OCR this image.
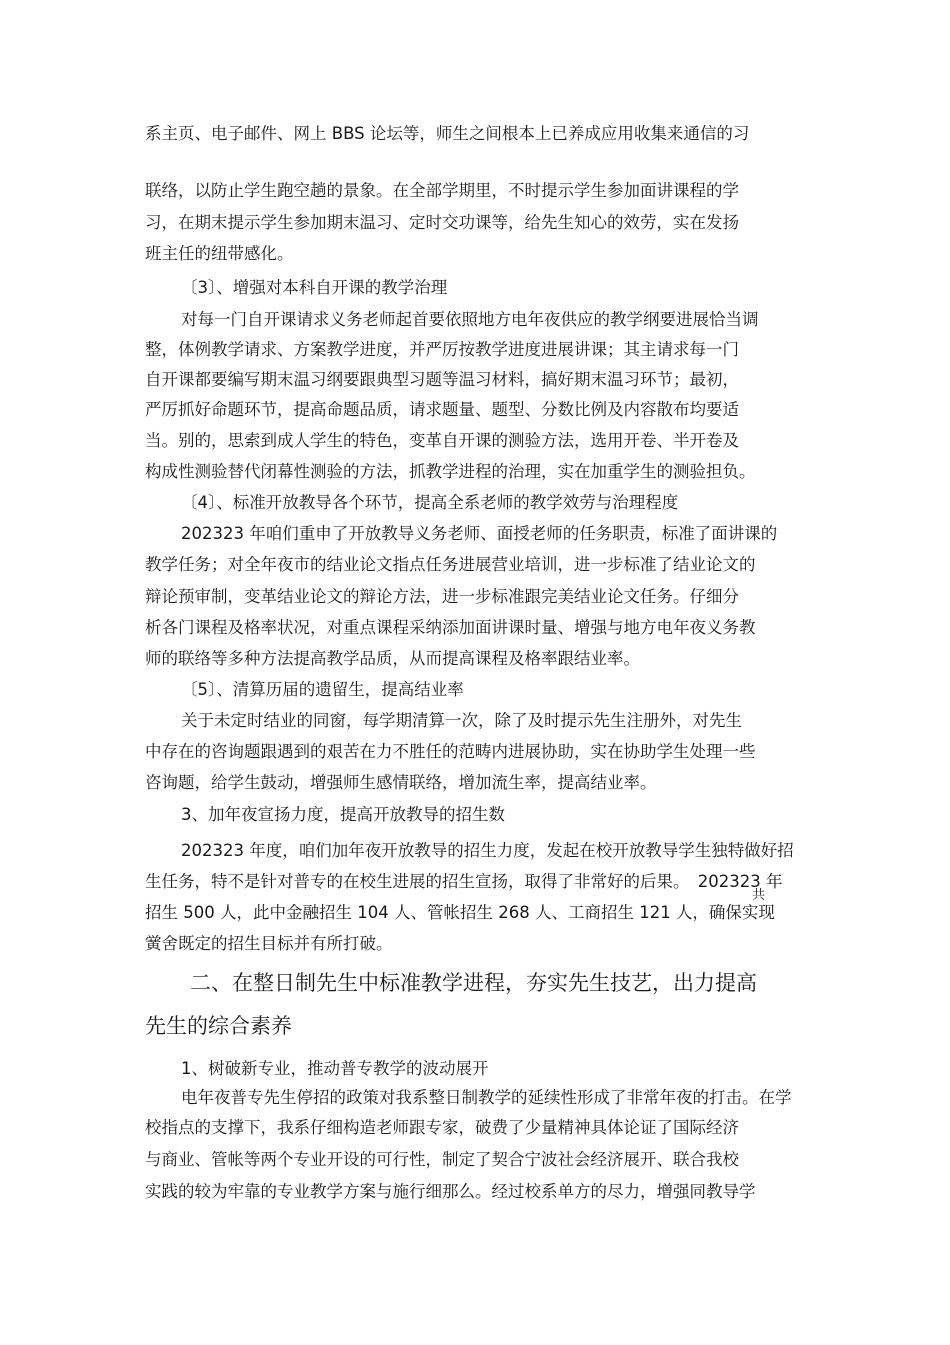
系主页、电子邮件、网上 BBS 论坛等，师生之间根本上已养成应用收集来通信的习
联络，以防止学生跑空趟的景象。在全部学期里，不时提示学生参加面讲课程的学
习，在期末提示学生参加期末温习、定时交功课等，给先生知心的效劳，实在发扬
班主任的纽带感化。
〔3〕、增强对本科自开课的教学治理
对每一门自开课请求义务老师起首要依照地方电年夜供应的教学纲要进展恰当调
整，体例教学请求、方案教学进度，并严厉按教学进度进展讲课；其主请求每一门
自开课都要编写期末温习纲要跟典型习题等温习材料，搞好期末温习环节；最初，
严厉抓好命题环节，提高命题品质，请求题量、题型、分数比例及内容散布均要适
当。别的，思索到成人学生的特色，变革自开课的测验方法，选用开卷、半开卷及
构成性测验替代闭幕性测验的方法，抓教学进程的治理，实在加重学生的测验担负。
〔4〕、标准开放教导各个环节，提高全系老师的教学效劳与治理程度
202323 年咱们重申了开放教导义务老师、面授老师的任务职责，标准了面讲课的
教学任务；对全年夜市的结业论文指点任务进展营业培训，进一步标准了结业论文的
辩论预审制，变革结业论文的辩论方法，进一步标准跟完美结业论文任务。仔细分
析各门课程及格率状况，对重点课程采纳添加面讲课时量、增强与地方电年夜义务教
师的联络等多种方法提高教学品质，从而提高课程及格率跟结业率。
〔5〕、清算历届的遗留生，提高结业率
关于未定时结业的同窗，每学期清算一次，除了及时提示先生注册外，对先生
中存在的咨询题跟遇到的艰苦在力不胜任的范畴内进展协助，实在协助学生处理一些
咨询题，给学生鼓动，增强师生感情联络，增加流生率，提高结业率。
3、加年夜宣扬力度，提高开放教导的招生数
202323 年度，咱们加年夜开放教导的招生力度，发起在校开放教导学生独特做好招
生任务，特不是针对普专的在校生进展的招生宣扬，取得了非常好的后果。　202323 年
共
招生 500 人，此中金融招生 104 人、管帐招生 268 人、工商招生 121 人，确保实现
黉舍既定的招生目标并有所打破。
二、在整日制先生中标准教学进程，夯实先生技艺，出力提高
先生的综合素养
1、树破新专业，推动普专教学的波动展开
电年夜普专先生停招的政策对我系整日制教学的延续性形成了非常年夜的打击。在学
校指点的支撑下，我系仔细构造老师跟专家，破费了少量精神具体论证了国际经济
与商业、管帐等两个专业开设的可行性，制定了契合宁波社会经济展开、联合我校
实践的较为牢靠的专业教学方案与施行细那么。经过校系单方的尽力，增强同教导学
